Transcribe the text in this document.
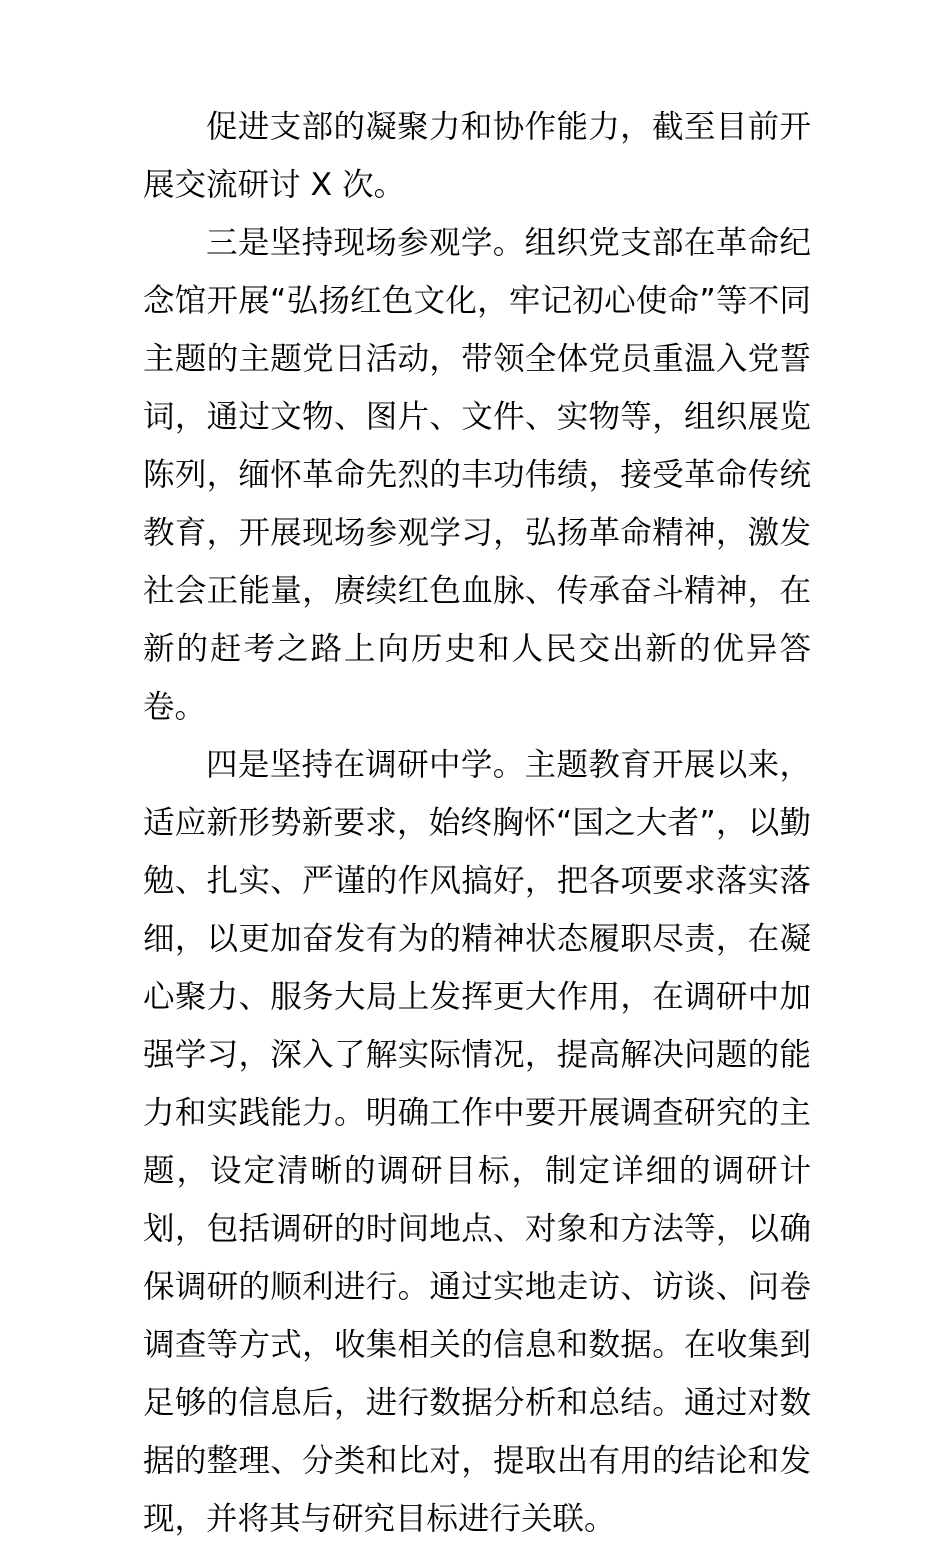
促进支部的凝聚力和协作能力，截至目前开展交流研讨 X 次。

三是坚持现场参观学。组织党支部在革命纪念馆开展“弘扬红色文化，牢记初心使命”等不同主题的主题党日活动，带领全体党员重温入党誓词，通过文物、图片、文件、实物等，组织展览陈列，缅怀革命先烈的丰功伟绩，接受革命传统教育，开展现场参观学习，弘扬革命精神，激发社会正能量，赓续红色血脉、传承奋斗精神，在新的赶考之路上向历史和人民交出新的优异答卷。

四是坚持在调研中学。主题教育开展以来，适应新形势新要求，始终胸怀“国之大者”，以勤勉、扎实、严谨的作风搞好，把各项要求落实落细，以更加奋发有为的精神状态履职尽责，在凝心聚力、服务大局上发挥更大作用，在调研中加强学习，深入了解实际情况，提高解决问题的能力和实践能力。明确工作中要开展调查研究的主题，设定清晰的调研目标，制定详细的调研计划，包括调研的时间地点、对象和方法等，以确保调研的顺利进行。通过实地走访、访谈、问卷调查等方式，收集相关的信息和数据。在收集到足够的信息后，进行数据分析和总结。通过对数据的整理、分类和比对，提取出有用的结论和发现，并将其与研究目标进行关联。
